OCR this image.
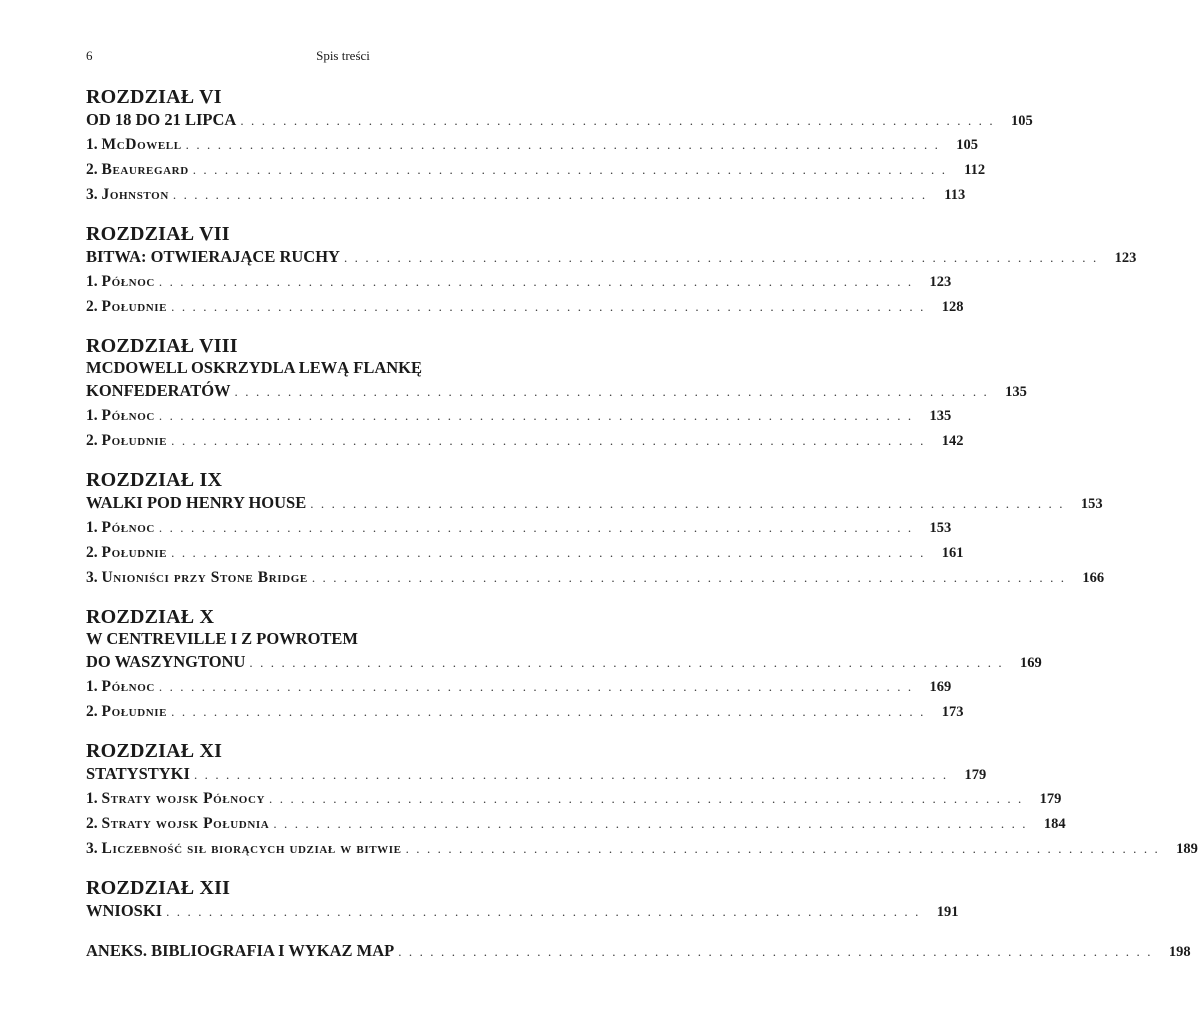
6	Spis treści
ROZDZIAŁ VI
OD 18 DO 21 LIPCA . . . . . . . . . . . . . . . . . . . . . . . . . . . . . . . . . . . . . . . . . . . . . . . . . . . . . . . . . . . . . . . . . . . . . . .	105
1. McDowell . . . . . . . . . . . . . . . . . . . . . . . . . . . . . . . . . . . . . . . . . . . . . . . . . . . . . . . . . . . . . . . . . . . . . . .	105
2. Beauregard . . . . . . . . . . . . . . . . . . . . . . . . . . . . . . . . . . . . . . . . . . . . . . . . . . . . . . . . . . . . . . . . . . . . . . .	112
3. Johnston . . . . . . . . . . . . . . . . . . . . . . . . . . . . . . . . . . . . . . . . . . . . . . . . . . . . . . . . . . . . . . . . . . . . . . .	113
ROZDZIAŁ VII
BITWA: OTWIERAJĄCE RUCHY . . . . . . . . . . . . . . . . . . . . . . . . . . . . . . . . . . . . . . . . . . . . . . . . . . . . . . . . . . . . . . . . . . . . . . .	123
1. Północ . . . . . . . . . . . . . . . . . . . . . . . . . . . . . . . . . . . . . . . . . . . . . . . . . . . . . . . . . . . . . . . . . . . . . . .	123
2. Południe . . . . . . . . . . . . . . . . . . . . . . . . . . . . . . . . . . . . . . . . . . . . . . . . . . . . . . . . . . . . . . . . . . . . . . .	128
ROZDZIAŁ VIII
MCDOWELL OSKRZYDLA LEWĄ FLANKĘ
KONFEDERATÓW . . . . . . . . . . . . . . . . . . . . . . . . . . . . . . . . . . . . . . . . . . . . . . . . . . . . . . . . . . . . . . . . . . . . . . .	135
1. Północ . . . . . . . . . . . . . . . . . . . . . . . . . . . . . . . . . . . . . . . . . . . . . . . . . . . . . . . . . . . . . . . . . . . . . . .	135
2. Południe . . . . . . . . . . . . . . . . . . . . . . . . . . . . . . . . . . . . . . . . . . . . . . . . . . . . . . . . . . . . . . . . . . . . . . .	142
ROZDZIAŁ IX
WALKI POD HENRY HOUSE . . . . . . . . . . . . . . . . . . . . . . . . . . . . . . . . . . . . . . . . . . . . . . . . . . . . . . . . . . . . . . . . . . . . . . .	153
1. Północ . . . . . . . . . . . . . . . . . . . . . . . . . . . . . . . . . . . . . . . . . . . . . . . . . . . . . . . . . . . . . . . . . . . . . . .	153
2. Południe . . . . . . . . . . . . . . . . . . . . . . . . . . . . . . . . . . . . . . . . . . . . . . . . . . . . . . . . . . . . . . . . . . . . . . .	161
3. Unioniści przy Stone Bridge . . . . . . . . . . . . . . . . . . . . . . . . . . . . . . . . . . . . . . . . . . . . . . . . . . . . . . . . . . . . . . . . . . . . . . .	166
ROZDZIAŁ X
W CENTREVILLE I Z POWROTEM
DO WASZYNGTONU . . . . . . . . . . . . . . . . . . . . . . . . . . . . . . . . . . . . . . . . . . . . . . . . . . . . . . . . . . . . . . . . . . . . . . .	169
1. Północ . . . . . . . . . . . . . . . . . . . . . . . . . . . . . . . . . . . . . . . . . . . . . . . . . . . . . . . . . . . . . . . . . . . . . . .	169
2. Południe . . . . . . . . . . . . . . . . . . . . . . . . . . . . . . . . . . . . . . . . . . . . . . . . . . . . . . . . . . . . . . . . . . . . . . .	173
ROZDZIAŁ XI
STATYSTYKI . . . . . . . . . . . . . . . . . . . . . . . . . . . . . . . . . . . . . . . . . . . . . . . . . . . . . . . . . . . . . . . . . . . . . . .	179
1. Straty wojsk Północy . . . . . . . . . . . . . . . . . . . . . . . . . . . . . . . . . . . . . . . . . . . . . . . . . . . . . . . . . . . . . . . . . . . . . . .	179
2. Straty wojsk Południa . . . . . . . . . . . . . . . . . . . . . . . . . . . . . . . . . . . . . . . . . . . . . . . . . . . . . . . . . . . . . . . . . . . . . . .	184
3. Liczebność sił biorących udział w bitwie . . . . . . . . . . . . . . . . . . . . . . . . . . . . . . . . . . . . . . . . . . . . . . . . . . . . . . . . . . . . . . . . . . . . . . .	189
ROZDZIAŁ XII
WNIOSKI . . . . . . . . . . . . . . . . . . . . . . . . . . . . . . . . . . . . . . . . . . . . . . . . . . . . . . . . . . . . . . . . . . . . . . .	191
ANEKS. BIBLIOGRAFIA I WYKAZ MAP . . . . . . . . . . . . . . . . . . . . . . . . . . . . . . . . . . . . . . . . . . . . . . . . . . . . . . . . . . . . . . . . . . . . . . .	198
